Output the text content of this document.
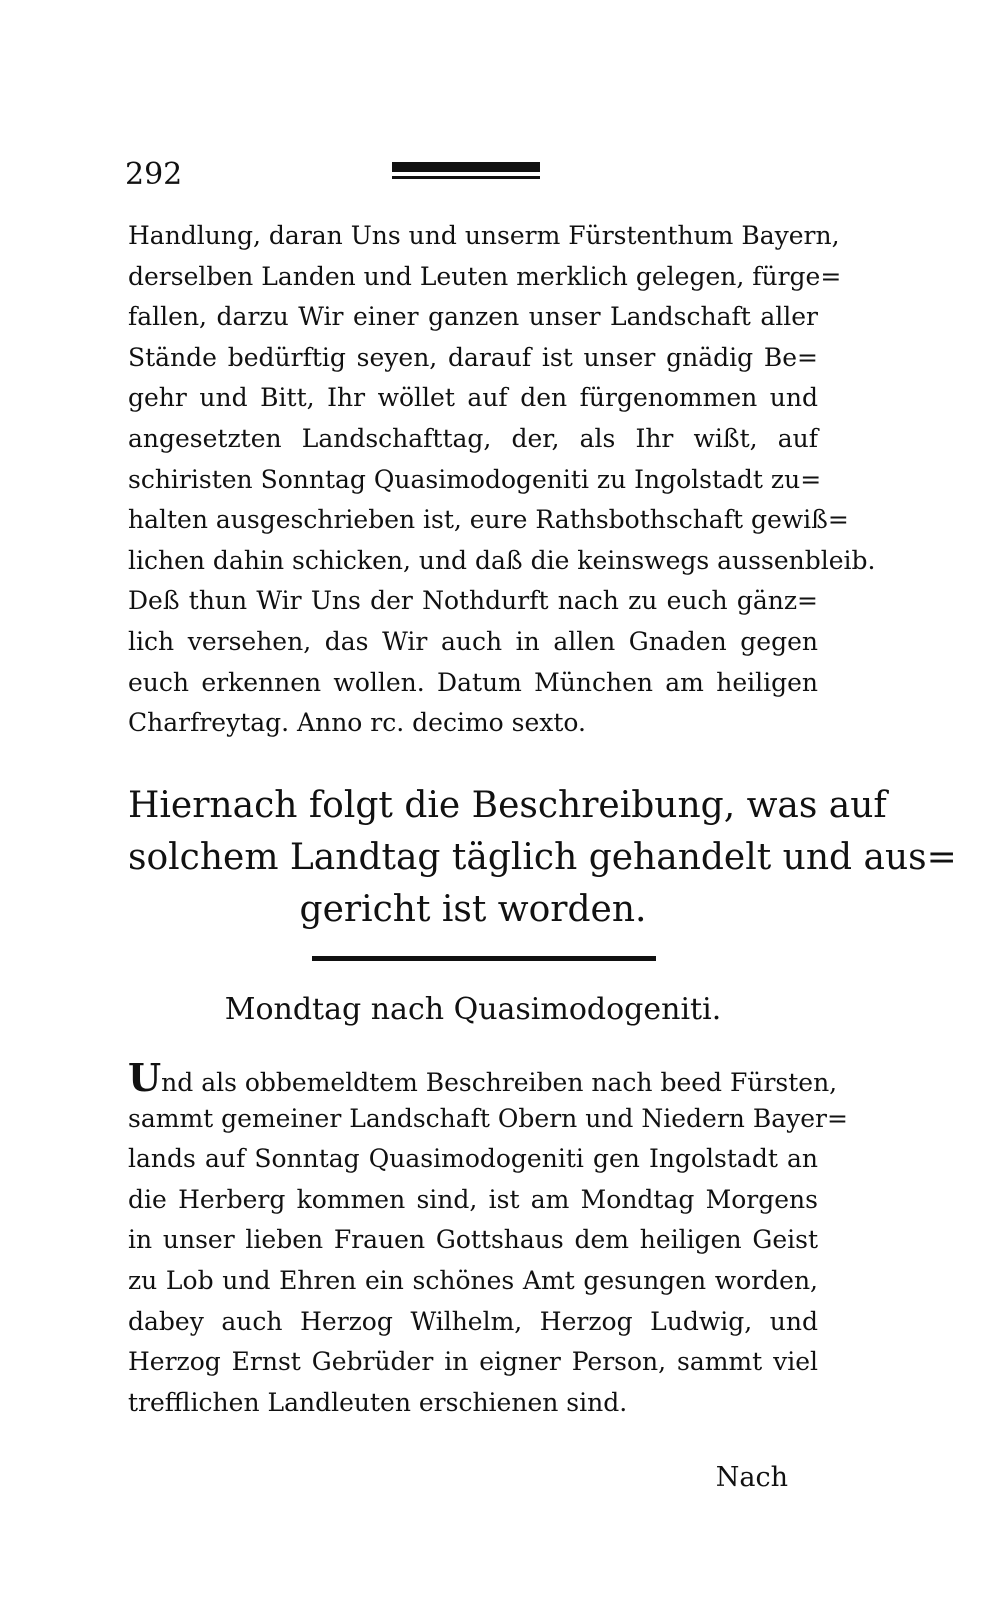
292
Handlung, daran Uns und unserm Fürstenthum Bayern,
derselben Landen und Leuten merklich gelegen, fürge=
fallen, darzu Wir einer ganzen unser Landschaft aller
Stände bedürftig seyen, darauf ist unser gnädig Be=
gehr und Bitt, Ihr wöllet auf den fürgenommen und
angesetzten Landschafttag, der, als Ihr wißt, auf
schiristen Sonntag Quasimodogeniti zu Ingolstadt zu=
halten ausgeschrieben ist, eure Rathsbothschaft gewiß=
lichen dahin schicken, und daß die keinswegs aussenbleib.
Deß thun Wir Uns der Nothdurft nach zu euch gänz=
lich versehen, das Wir auch in allen Gnaden gegen
euch erkennen wollen. Datum München am heiligen
Charfreytag. Anno rc. decimo sexto.
Hiernach folgt die Beschreibung, was auf
solchem Landtag täglich gehandelt und aus=
gericht ist worden.
Mondtag nach Quasimodogeniti.
Und als obbemeldtem Beschreiben nach beed Fürsten,
sammt gemeiner Landschaft Obern und Niedern Bayer=
lands auf Sonntag Quasimodogeniti gen Ingolstadt an
die Herberg kommen sind, ist am Mondtag Morgens
in unser lieben Frauen Gottshaus dem heiligen Geist
zu Lob und Ehren ein schönes Amt gesungen worden,
dabey auch Herzog Wilhelm, Herzog Ludwig, und
Herzog Ernst Gebrüder in eigner Person, sammt viel
trefflichen Landleuten erschienen sind.
Nach
